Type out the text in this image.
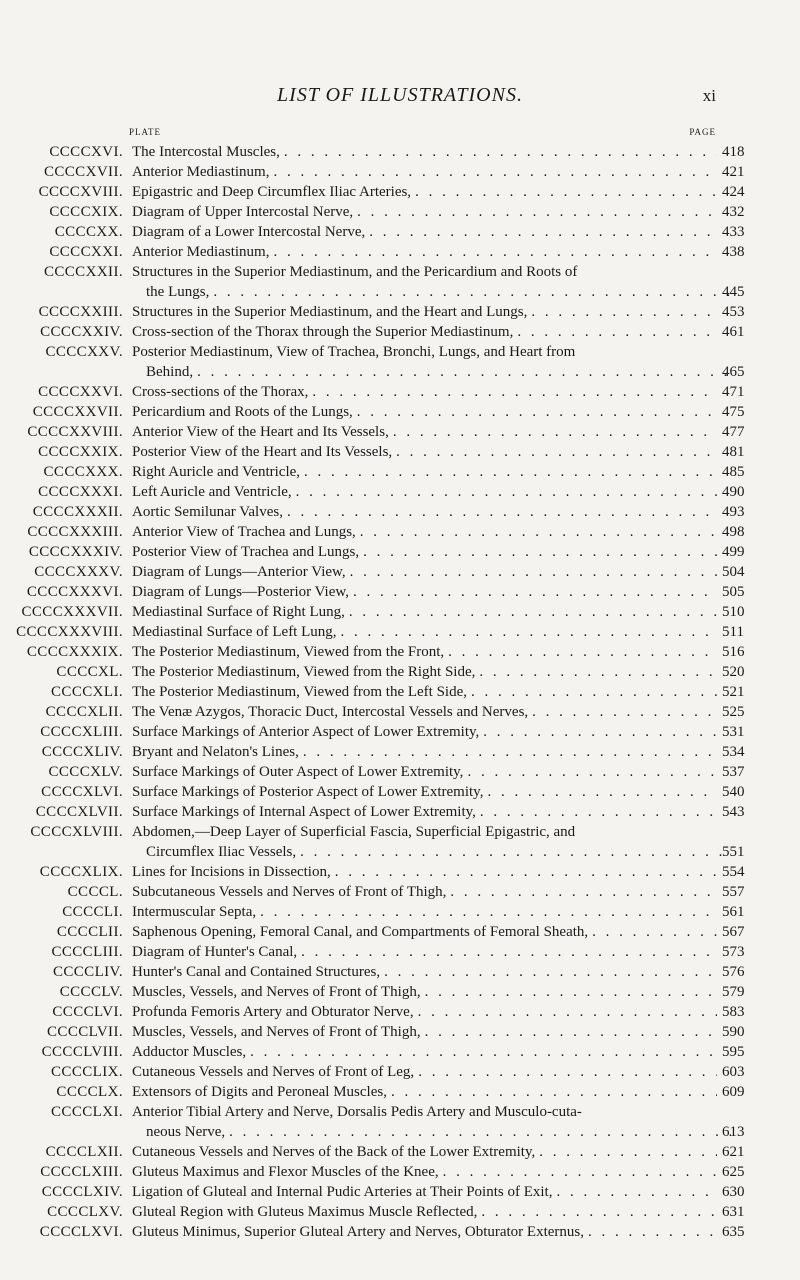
LIST OF ILLUSTRATIONS.	xi
PLATE	PAGE
CCCCXVI. The Intercostal Muscles, . . .	418
CCCCXVII. Anterior Mediastinum, . . .	421
CCCCXVIII. Epigastric and Deep Circumflex Iliac Arteries, . . .	424
CCCCXIX. Diagram of Upper Intercostal Nerve, . . .	432
CCCCXX. Diagram of a Lower Intercostal Nerve, . . .	433
CCCCXXI. Anterior Mediastinum, . . .	438
CCCCXXII. Structures in the Superior Mediastinum, and the Pericardium and Roots of
the Lungs, . . .	445
CCCCXXIII. Structures in the Superior Mediastinum, and the Heart and Lungs, . . .	453
CCCCXXIV. Cross-section of the Thorax through the Superior Mediastinum, . . .	461
CCCCXXV. Posterior Mediastinum, View of Trachea, Bronchi, Lungs, and Heart from
Behind, . . .	465
CCCCXXVI. Cross-sections of the Thorax, . . .	471
CCCCXXVII. Pericardium and Roots of the Lungs, . . .	475
CCCCXXVIII. Anterior View of the Heart and Its Vessels, . . .	477
CCCCXXIX. Posterior View of the Heart and Its Vessels, . . .	481
CCCCXXX. Right Auricle and Ventricle, . . .	485
CCCCXXXI. Left Auricle and Ventricle, . . .	490
CCCCXXXII. Aortic Semilunar Valves, . . .	493
CCCCXXXIII. Anterior View of Trachea and Lungs, . . .	498
CCCCXXXIV. Posterior View of Trachea and Lungs, . . .	499
CCCCXXXV. Diagram of Lungs—Anterior View, . . .	504
CCCCXXXVI. Diagram of Lungs—Posterior View, . . .	505
CCCCXXXVII. Mediastinal Surface of Right Lung, . . .	510
CCCCXXXVIII. Mediastinal Surface of Left Lung, . . .	511
CCCCXXXIX. The Posterior Mediastinum, Viewed from the Front, . . .	516
CCCCXL. The Posterior Mediastinum, Viewed from the Right Side, . . .	520
CCCCXLI. The Posterior Mediastinum, Viewed from the Left Side, . . .	521
CCCCXLII. The Venæ Azygos, Thoracic Duct, Intercostal Vessels and Nerves, . . .	525
CCCCXLIII. Surface Markings of Anterior Aspect of Lower Extremity, . . .	531
CCCCXLIV. Bryant and Nelaton's Lines, . . .	534
CCCCXLV. Surface Markings of Outer Aspect of Lower Extremity, . . .	537
CCCCXLVI. Surface Markings of Posterior Aspect of Lower Extremity, . . .	540
CCCCXLVII. Surface Markings of Internal Aspect of Lower Extremity, . . .	543
CCCCXLVIII. Abdomen,—Deep Layer of Superficial Fascia, Superficial Epigastric, and
Circumflex Iliac Vessels, . . .	551
CCCCXLIX. Lines for Incisions in Dissection, . . .	554
CCCCL. Subcutaneous Vessels and Nerves of Front of Thigh, . . .	557
CCCCLI. Intermuscular Septa, . . .	561
CCCCLII. Saphenous Opening, Femoral Canal, and Compartments of Femoral Sheath, . . .	567
CCCCLIII. Diagram of Hunter's Canal, . . .	573
CCCCLIV. Hunter's Canal and Contained Structures, . . .	576
CCCCLV. Muscles, Vessels, and Nerves of Front of Thigh, . . .	579
CCCCLVI. Profunda Femoris Artery and Obturator Nerve, . . .	583
CCCCLVII. Muscles, Vessels, and Nerves of Front of Thigh, . . .	590
CCCCLVIII. Adductor Muscles, . . .	595
CCCCLIX. Cutaneous Vessels and Nerves of Front of Leg, . . .	603
CCCCLX. Extensors of Digits and Peroneal Muscles, . . .	609
CCCCLXI. Anterior Tibial Artery and Nerve, Dorsalis Pedis Artery and Musculo-cuta-
neous Nerve, . . .	613
CCCCLXII. Cutaneous Vessels and Nerves of the Back of the Lower Extremity, . . .	621
CCCCLXIII. Gluteus Maximus and Flexor Muscles of the Knee, . . .	625
CCCCLXIV. Ligation of Gluteal and Internal Pudic Arteries at Their Points of Exit, . . .	630
CCCCLXV. Gluteal Region with Gluteus Maximus Muscle Reflected, . . .	631
CCCCLXVI. Gluteus Minimus, Superior Gluteal Artery and Nerves, Obturator Externus, . . .	635
